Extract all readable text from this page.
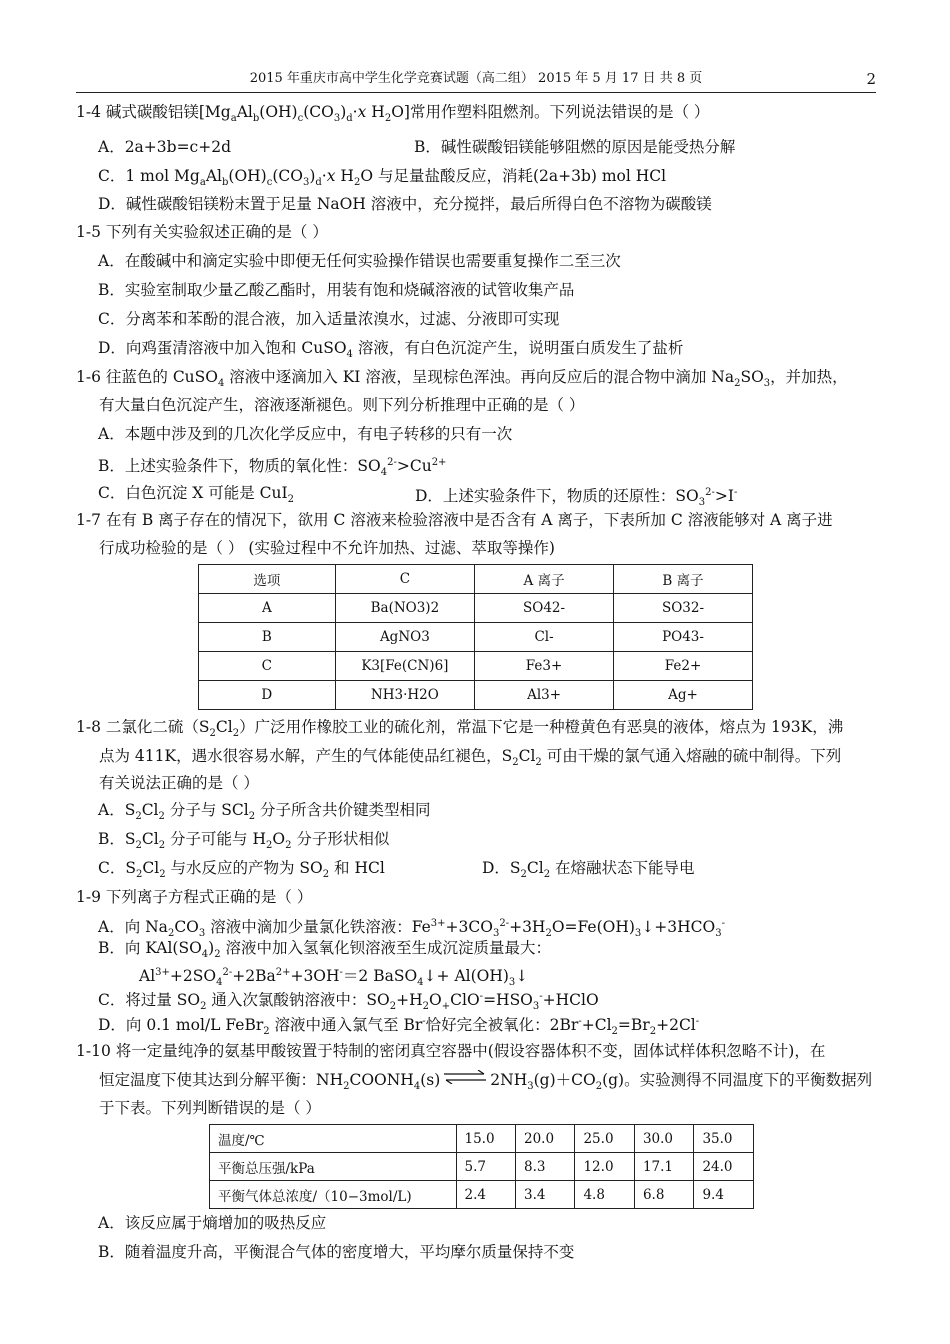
2015 年重庆市高中学生化学竞赛试题（高二组） 2015 年 5 月 17 日 共 8 页	2
1-4 碱式碳酸铝镁[$Mg_aAl_b(OH)_c(CO_3)_d\cdot x$ $H_2O$]常用作塑料阻燃剂。下列说法错误的是（ ）
A．2a+3b=c+2d	B．碱性碳酸铝镁能够阻燃的原因是能受热分解
C．1 mol $Mg_aAl_b(OH)_c(CO_3)_d\cdot x$ $H_2O$ 与足量盐酸反应，消耗(2a+3b) mol HCl
D．碱性碳酸铝镁粉末置于足量 NaOH 溶液中，充分搅拌，最后所得白色不溶物为碳酸镁
1-5 下列有关实验叙述正确的是（ ）
A．在酸碱中和滴定实验中即便无任何实验操作错误也需要重复操作二至三次
B．实验室制取少量乙酸乙酯时，用装有饱和烧碱溶液的试管收集产品
C．分离苯和苯酚的混合液，加入适量浓溴水，过滤、分液即可实现
D．向鸡蛋清溶液中加入饱和 CuSO$_4$ 溶液，有白色沉淀产生，说明蛋白质发生了盐析
1-6 往蓝色的 CuSO$_4$ 溶液中逐滴加入 KI 溶液，呈现棕色浑浊。再向反应后的混合物中滴加 $Na_2SO_3$，并加热，
有大量白色沉淀产生，溶液逐渐褪色。则下列分析推理中正确的是（ ）
A．本题中涉及到的几次化学反应中，有电子转移的只有一次
B．上述实验条件下，物质的氧化性：$SO_4^{2-}>Cu^{2+}$
C．白色沉淀 X 可能是 CuI$_2$	D．上述实验条件下，物质的还原性：$SO_3^{2-}>I^-$
1-7 在有 B 离子存在的情况下，欲用 C 溶液来检验溶液中是否含有 A 离子，下表所加 C 溶液能够对 A 离子进
行成功检验的是（ ） (实验过程中不允许加热、过滤、萃取等操作)
选项	C	A 离子	B 离子
A	Ba(NO3)2	SO42-	SO32-
B	AgNO3	Cl-	PO43-
C	K3[Fe(CN)6]	Fe3+	Fe2+
D	NH3·H2O	Al3+	Ag+
1-8 二氯化二硫$(S_2Cl_2)$广泛用作橡胶工业的硫化剂，常温下它是一种橙黄色有恶臭的液体，熔点为 193K，沸
点为 411K，遇水很容易水解，产生的气体能使品红褪色，$S_2Cl_2$ 可由干燥的氯气通入熔融的硫中制得。下列
有关说法正确的是（ ）
A．$S_2Cl_2$ 分子与 SCl$_2$ 分子所含共价键类型相同
B．$S_2Cl_2$ 分子可能与 $H_2O_2$ 分子形状相似
C．$S_2Cl_2$ 与水反应的产物为 $SO_2$ 和 HCl	D．$S_2Cl_2$ 在熔融状态下能导电
1-9 下列离子方程式正确的是（ ）
A．向 $Na_2CO_3$ 溶液中滴加少量氯化铁溶液：$Fe^{3+}+3CO_3^{2-}+3H_2O=Fe(OH)_3↓+3HCO_3^-$
B．向 $KAl(SO_4)_2$ 溶液中加入氢氧化钡溶液至生成沉淀质量最大：
$Al^{3+}+2SO_4^{2-}+2Ba^{2+}+3OH^-=2$ BaSO$_4$↓+ $Al(OH)_3↓$
C．将过量 $SO_2$ 通入次氯酸钠溶液中：$SO_2+H_2O_+ClO^-=HSO_3^-+HClO$
D．向 0.1 mol/L FeBr$_2$ 溶液中通入氯气至 Br-恰好完全被氧化：$2Br^-+Cl_2=Br_2+2Cl^-$
1-10 将一定量纯净的氨基甲酸铵置于特制的密闭真空容器中(假设容器体积不变，固体试样体积忽略不计)，在
恒定温度下使其达到分解平衡：$NH_2COONH_4(s)$ ⇌ $2NH_3(g)+CO_2(g)$。实验测得不同温度下的平衡数据列
于下表。下列判断错误的是（ ）
温度/℃	15.0	20.0	25.0	30.0	35.0
平衡总压强/kPa	5.7	8.3	12.0	17.1	24.0
平衡气体总浓度/（10−3mol/L)	2.4	3.4	4.8	6.8	9.4
A．该反应属于熵增加的吸热反应
B．随着温度升高，平衡混合气体的密度增大，平均摩尔质量保持不变
